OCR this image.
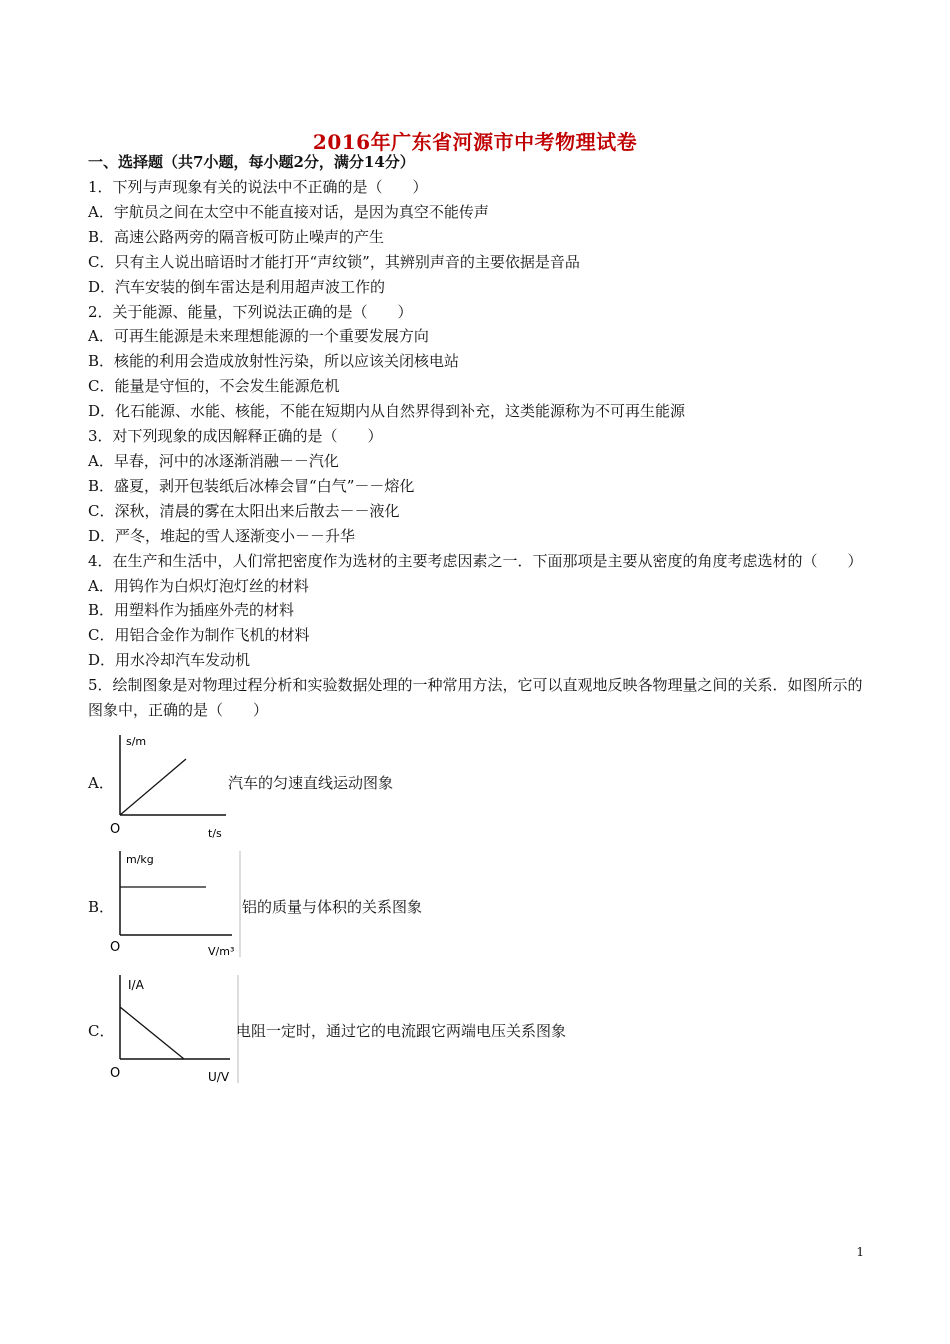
2016年广东省河源市中考物理试卷
一、选择题（共7小题，每小题2分，满分14分）
1．下列与声现象有关的说法中不正确的是（　　）
A．宇航员之间在太空中不能直接对话，是因为真空不能传声
B．高速公路两旁的隔音板可防止噪声的产生
C．只有主人说出暗语时才能打开“声纹锁”，其辨别声音的主要依据是音品
D．汽车安装的倒车雷达是利用超声波工作的
2．关于能源、能量，下列说法正确的是（　　）
A．可再生能源是未来理想能源的一个重要发展方向
B．核能的利用会造成放射性污染，所以应该关闭核电站
C．能量是守恒的，不会发生能源危机
D．化石能源、水能、核能，不能在短期内从自然界得到补充，这类能源称为不可再生能源
3．对下列现象的成因解释正确的是（　　）
A．早春，河中的冰逐渐消融－－汽化
B．盛夏，剥开包装纸后冰棒会冒“白气”－－熔化
C．深秋，清晨的雾在太阳出来后散去－－液化
D．严冬，堆起的雪人逐渐变小－－升华
4．在生产和生活中，人们常把密度作为选材的主要考虑因素之一．下面那项是主要从密度的角度考虑选材的（　　）
A．用钨作为白炽灯泡灯丝的材料
B．用塑料作为插座外壳的材料
C．用铝合金作为制作飞机的材料
D．用水冷却汽车发动机
5．绘制图象是对物理过程分析和实验数据处理的一种常用方法，它可以直观地反映各物理量之间的关系．如图所示的图象中，正确的是（　　）
A．
s/m
O	t/s
汽车的匀速直线运动图象
B．
m/kg
O	V/m³
铝的质量与体积的关系图象
C．
I/A
O	U/V
电阻一定时，通过它的电流跟它两端电压关系图象
1
